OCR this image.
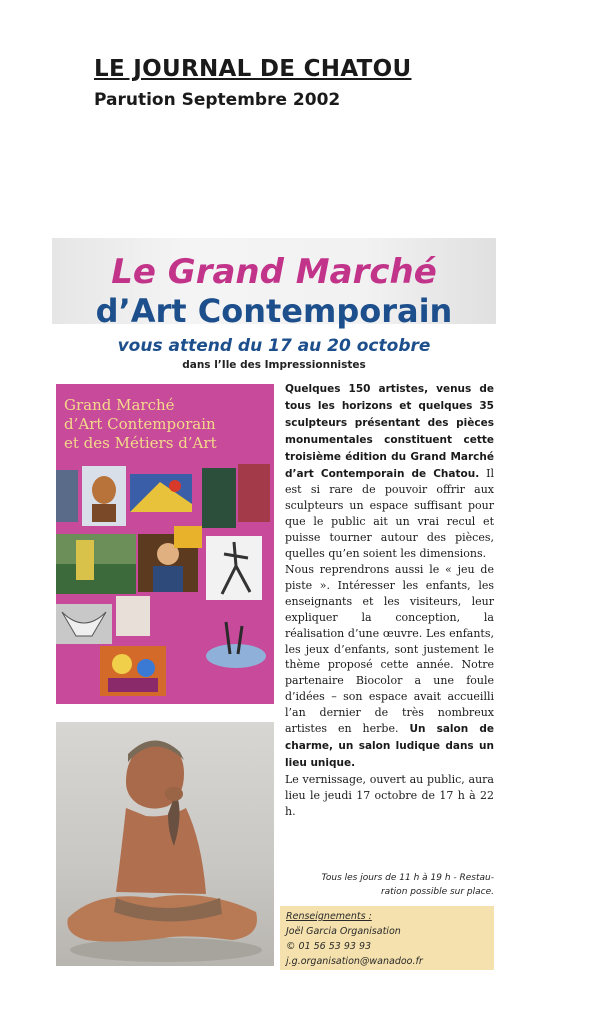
LE JOURNAL DE CHATOU
Parution Septembre 2002
Le Grand Marché
d’Art Contemporain
vous attend du 17 au 20 octobre
dans l’Ile des Impressionnistes
Grand Marché
d’Art Contemporain
et des Métiers d’Art

Quelques 150 artistes, venus de tous les horizons et quelques 35 sculpteurs présentant des pièces monumentales constituent cette troisième édition du Grand Marché d’art Contemporain de Chatou. Il est si rare de pouvoir offrir aux sculpteurs un espace suffisant pour que le public ait un vrai recul et puisse tourner autour des pièces, quelles qu’en soient les dimensions.

Nous reprendrons aussi le « jeu de piste ». Intéresser les enfants, les enseignants et les visiteurs, leur expliquer la conception, la réalisation d’une œuvre. Les enfants, les jeux d’enfants, sont justement le thème proposé cette année. Notre partenaire Biocolor a une foule d’idées – son espace avait accueilli l’an dernier de très nombreux artistes en herbe. Un salon de charme, un salon ludique dans un lieu unique.

Le vernissage, ouvert au public, aura lieu le jeudi 17 octobre de 17 h à 22 h.

Tous les jours de 11 h à 19 h - Restau-
ration possible sur place.
Renseignements :
Joël Garcia Organisation
© 01 56 53 93 93
j.g.organisation@wanadoo.fr
